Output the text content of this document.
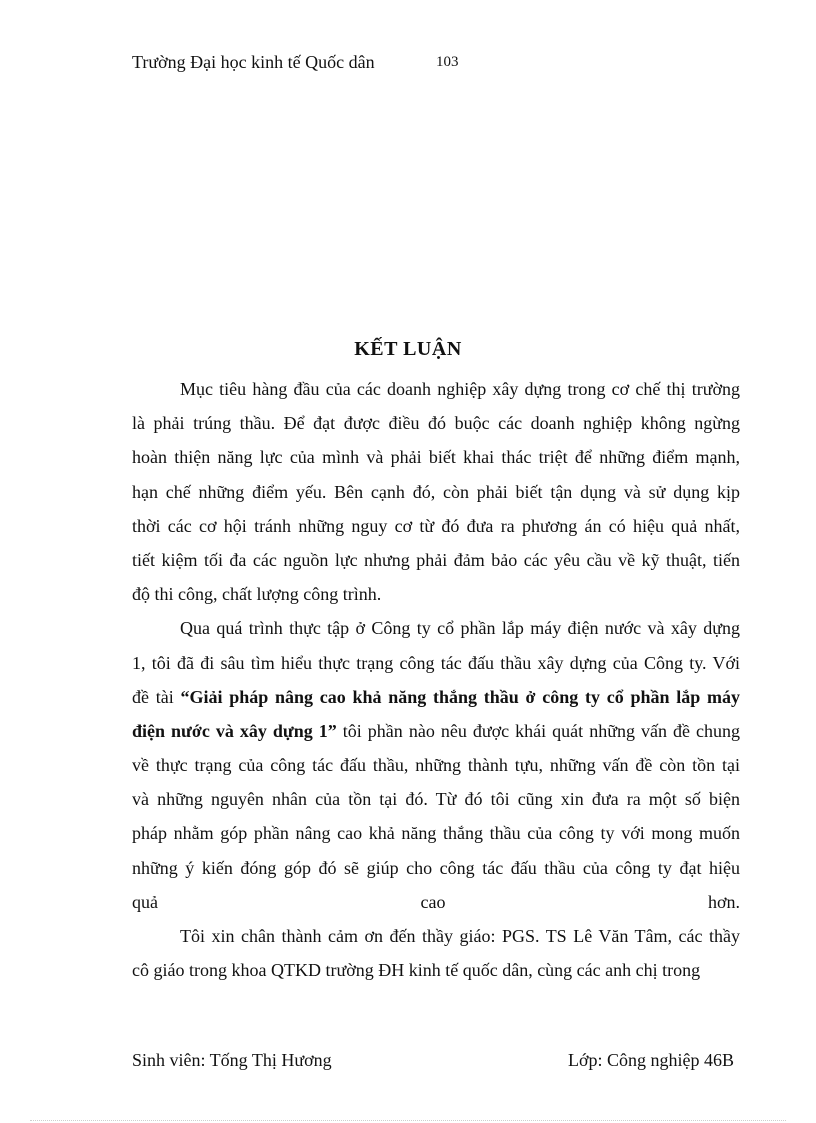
Trường Đại học kinh tế Quốc dân	103
KẾT LUẬN
Mục tiêu hàng đầu của các doanh nghiệp xây dựng trong cơ chế thị trường
là phải trúng thầu. Để đạt được điều đó buộc các doanh nghiệp không ngừng
hoàn thiện năng lực của mình và phải biết khai thác triệt để những điểm mạnh,
hạn chế những điểm yếu. Bên cạnh đó, còn phải biết tận dụng và sử dụng kịp
thời các cơ hội tránh những nguy cơ từ đó đưa ra phương án có hiệu quả nhất,
tiết kiệm tối đa các nguồn lực nhưng phải đảm bảo các yêu cầu về kỹ thuật, tiến
độ thi công, chất lượng công trình.
Qua quá trình thực tập ở Công ty cổ phần lắp máy điện nước và xây dựng
1, tôi đã đi sâu tìm hiểu thực trạng công tác đấu thầu xây dựng của Công ty. Với
đề tài “Giải pháp nâng cao khả năng thắng thầu ở công ty cổ phần lắp máy
điện nước và xây dựng 1” tôi phần nào nêu được khái quát những vấn đề chung
về thực trạng của công tác đấu thầu, những thành tựu, những vấn đề còn tồn tại
và những nguyên nhân của tồn tại đó. Từ đó tôi cũng xin đưa ra một số biện
pháp nhằm góp phần nâng cao khả năng thắng thầu của công ty với mong muốn
những ý kiến đóng góp đó sẽ giúp cho công tác đấu thầu của công ty đạt hiệu
quả	cao	hơn.
Tôi xin chân thành cảm ơn đến thầy giáo: PGS. TS Lê Văn Tâm, các thầy
cô giáo trong khoa QTKD trường ĐH kinh tế quốc dân, cùng các anh chị trong
Sinh viên: Tống Thị Hương	Lớp: Công nghiệp 46B
